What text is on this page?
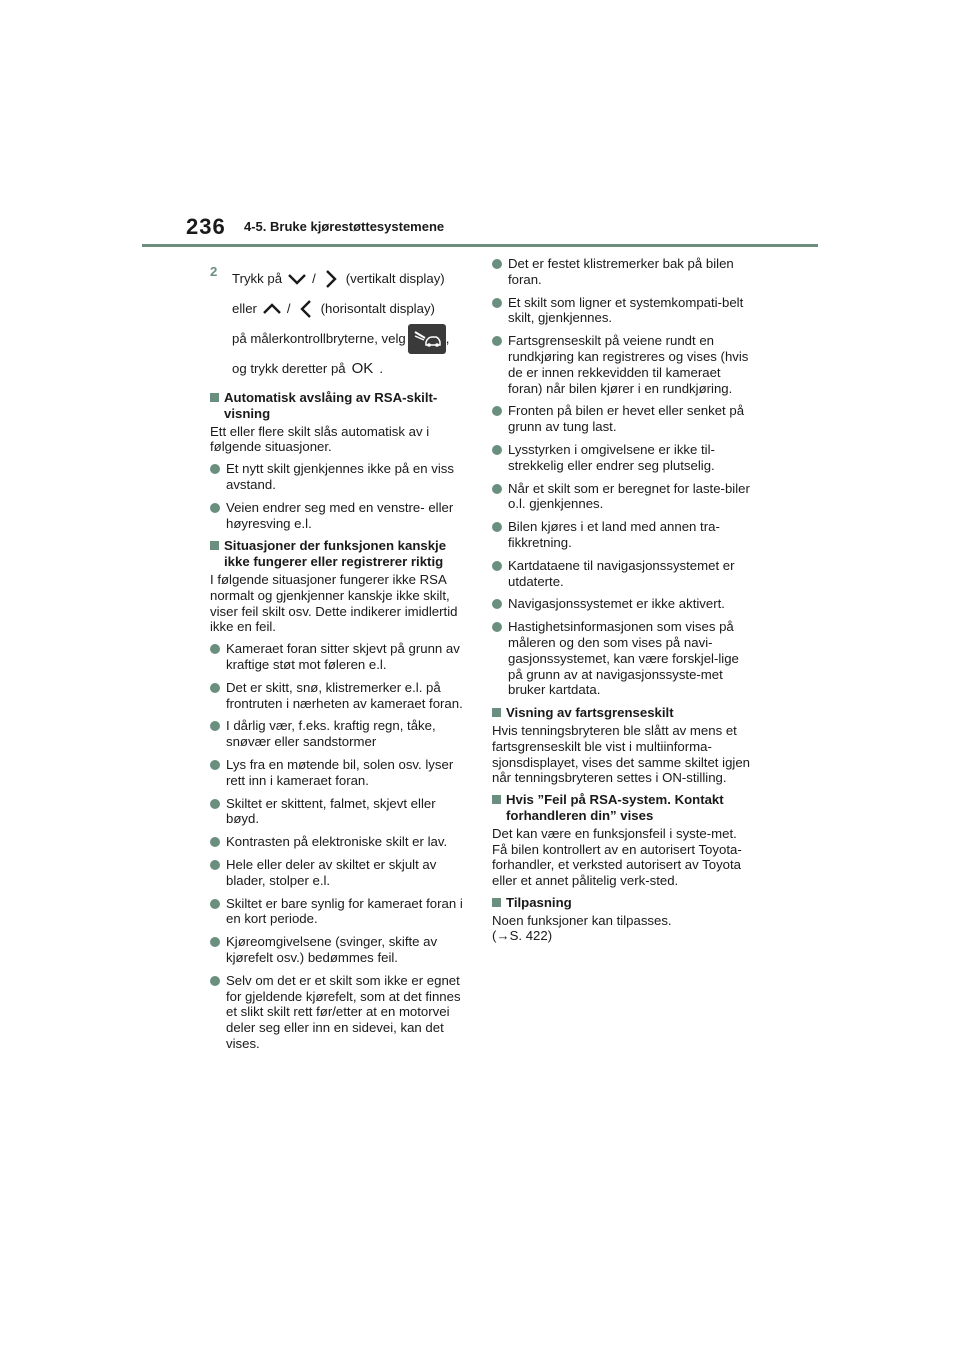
236 4-5. Bruke kjørestøttesystemene
2 Trykk på / (vertikalt display)
eller / (horisontalt display)
på målerkontrollbryterne, velg	,
og trykk deretter på OK .
Automatisk avslåing av RSA-skilt-visning
Ett eller flere skilt slås automatisk av i følgende situasjoner.
Et nytt skilt gjenkjennes ikke på en viss avstand.
Veien endrer seg med en venstre- eller høyresving e.l.
Situasjoner der funksjonen kanskje ikke fungerer eller registrerer riktig
I følgende situasjoner fungerer ikke RSA normalt og gjenkjenner kanskje ikke skilt, viser feil skilt osv. Dette indikerer imidlertid ikke en feil.
Kameraet foran sitter skjevt på grunn av kraftige støt mot føleren e.l.
Det er skitt, snø, klistremerker e.l. på frontruten i nærheten av kameraet foran.
I dårlig vær, f.eks. kraftig regn, tåke, snøvær eller sandstormer
Lys fra en møtende bil, solen osv. lyser rett inn i kameraet foran.
Skiltet er skittent, falmet, skjevt eller bøyd.
Kontrasten på elektroniske skilt er lav.
Hele eller deler av skiltet er skjult av blader, stolper e.l.
Skiltet er bare synlig for kameraet foran i en kort periode.
Kjøreomgivelsene (svinger, skifte av kjørefelt osv.) bedømmes feil.
Selv om det er et skilt som ikke er egnet for gjeldende kjørefelt, som at det finnes et slikt skilt rett før/etter at en motorvei deler seg eller inn en sidevei, kan det vises.
Det er festet klistremerker bak på bilen foran.
Et skilt som ligner et systemkompati-belt skilt, gjenkjennes.
Fartsgrenseskilt på veiene rundt en rundkjøring kan registreres og vises (hvis de er innen rekkevidden til kameraet foran) når bilen kjører i en rundkjøring.
Fronten på bilen er hevet eller senket på grunn av tung last.
Lysstyrken i omgivelsene er ikke til-strekkelig eller endrer seg plutselig.
Når et skilt som er beregnet for laste-biler o.l. gjenkjennes.
Bilen kjøres i et land med annen tra-fikkretning.
Kartdataene til navigasjonssystemet er utdaterte.
Navigasjonssystemet er ikke aktivert.
Hastighetsinformasjonen som vises på måleren og den som vises på navi-gasjonssystemet, kan være forskjel-lige på grunn av at navigasjonssyste-met bruker kartdata.
Visning av fartsgrenseskilt
Hvis tenningsbryteren ble slått av mens et fartsgrenseskilt ble vist i multiinforma-sjonsdisplayet, vises det samme skiltet igjen når tenningsbryteren settes i ON-stilling.
Hvis ”Feil på RSA-system. Kontakt forhandleren din” vises
Det kan være en funksjonsfeil i syste-met. Få bilen kontrollert av en autorisert Toyota-forhandler, et verksted autorisert av Toyota eller et annet pålitelig verk-sted.
Tilpasning
Noen funksjoner kan tilpasses.
(→S. 422)
